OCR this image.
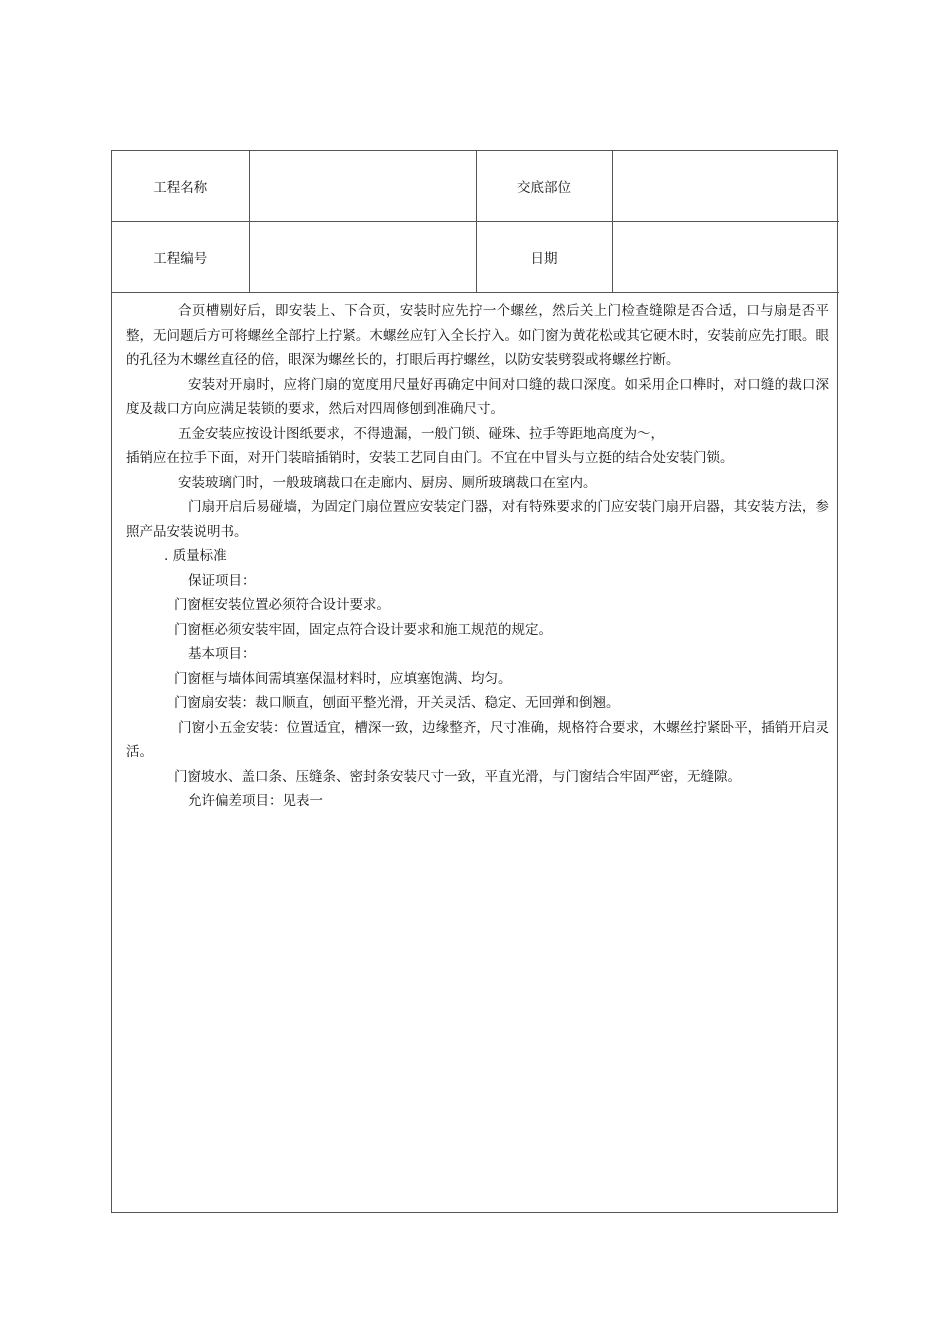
工程名称		交底部位	
工程编号		日期	

合页槽剔好后，即安装上、下合页，安装时应先拧一个螺丝，然后关上门检查缝隙是否合适，口与扇是否平整，无问题后方可将螺丝全部拧上拧紧。木螺丝应钉入全长拧入。如门窗为黄花松或其它硬木时，安装前应先打眼。眼的孔径为木螺丝直径的倍，眼深为螺丝长的，打眼后再拧螺丝，以防安装劈裂或将螺丝拧断。

安装对开扇时，应将门扇的宽度用尺量好再确定中间对口缝的裁口深度。如采用企口榫时，对口缝的裁口深度及裁口方向应满足装锁的要求，然后对四周修刨到准确尺寸。

五金安装应按设计图纸要求，不得遗漏，一般门锁、碰珠、拉手等距地高度为～，

插销应在拉手下面，对开门装暗插销时，安装工艺同自由门。不宜在中冒头与立挺的结合处安装门锁。

安装玻璃门时，一般玻璃裁口在走廊内、厨房、厕所玻璃裁口在室内。

门扇开启后易碰墙，为固定门扇位置应安装定门器，对有特殊要求的门应安装门扇开启器，其安装方法，参照产品安装说明书。

. 质量标准

保证项目：

门窗框安装位置必须符合设计要求。

门窗框必须安装牢固，固定点符合设计要求和施工规范的规定。

基本项目：

门窗框与墙体间需填塞保温材料时，应填塞饱满、均匀。

门窗扇安装：裁口顺直，刨面平整光滑，开关灵活、稳定、无回弹和倒翘。

门窗小五金安装：位置适宜，槽深一致，边缘整齐，尺寸准确，规格符合要求，木螺丝拧紧卧平，插销开启灵活。

门窗坡水、盖口条、压缝条、密封条安装尺寸一致，平直光滑，与门窗结合牢固严密，无缝隙。

允许偏差项目：见表一
